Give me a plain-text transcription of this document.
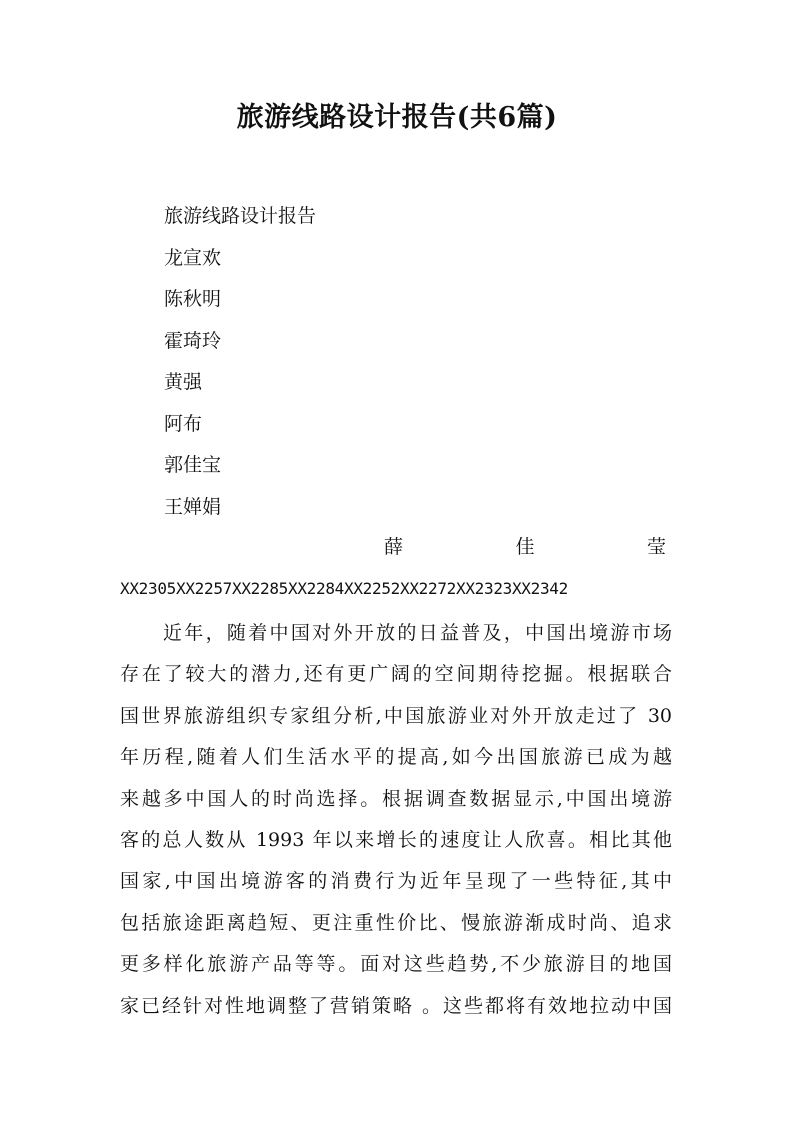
旅游线路设计报告(共6篇)
旅游线路设计报告
龙宣欢
陈秋明
霍琦玲
黄强
阿布
郭佳宝
王婵娟
薛	佳	莹
XX2305XX2257XX2285XX2284XX2252XX2272XX2323XX2342
近年，随着中国对外开放的日益普及，中国出境游市场
存在了较大的潜力,还有更广阔的空间期待挖掘。根据联合
国世界旅游组织专家组分析,中国旅游业对外开放走过了 30
年历程,随着人们生活水平的提高,如今出国旅游已成为越
来越多中国人的时尚选择。根据调查数据显示,中国出境游
客的总人数从 1993 年以来增长的速度让人欣喜。相比其他
国家,中国出境游客的消费行为近年呈现了一些特征,其中
包括旅途距离趋短、更注重性价比、慢旅游渐成时尚、追求
更多样化旅游产品等等。面对这些趋势,不少旅游目的地国
家已经针对性地调整了营销策略 。这些都将有效地拉动中国
